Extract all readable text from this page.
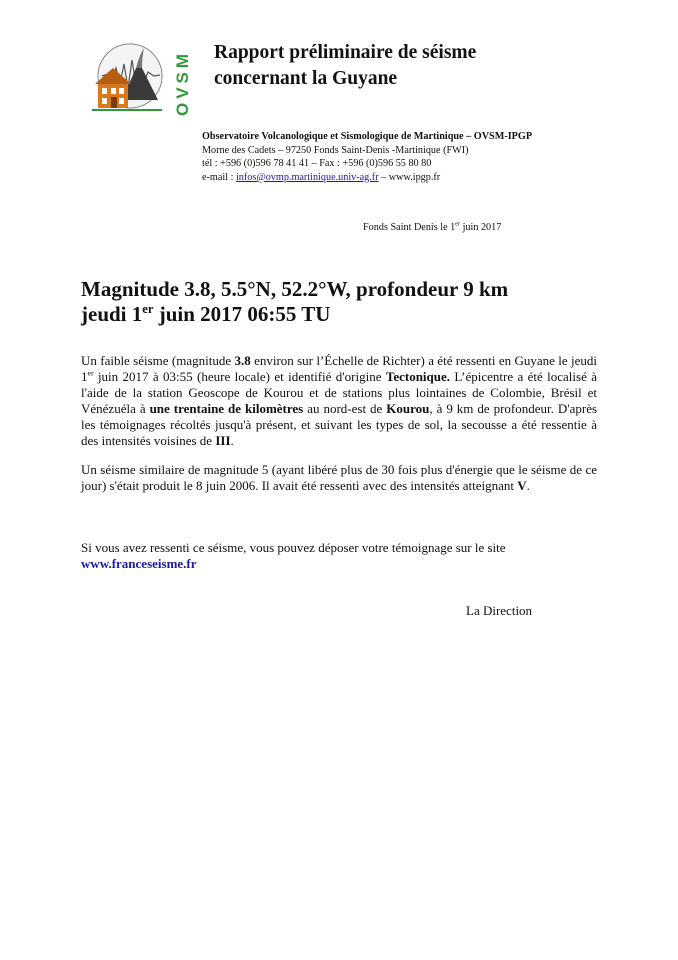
OVSM Rapport préliminaire de séisme
concernant la Guyane
Observatoire Volcanologique et Sismologique de Martinique – OVSM-IPGP
Morne des Cadets – 97250 Fonds Saint-Denis -Martinique (FWI)
tél : +596 (0)596 78 41 41 – Fax : +596 (0)596 55 80 80
e-mail : infos@ovmp.martinique.univ-ag.fr – www.ipgp.fr
Fonds Saint Denis le 1er juin 2017
Magnitude 3.8, 5.5°N, 52.2°W, profondeur 9 km
jeudi 1er juin 2017 06:55 TU
Un faible séisme (magnitude 3.8 environ sur l’Échelle de Richter) a été ressenti en Guyane le jeudi 1er juin 2017 à 03:55 (heure locale) et identifié d'origine Tectonique. L’épicentre a été localisé à l'aide de la station Geoscope de Kourou et de stations plus lointaines de Colombie, Brésil et Vénézuéla à une trentaine de kilomètres au nord-est de Kourou, à 9 km de profondeur. D'après les témoignages récoltés jusqu'à présent, et suivant les types de sol, la secousse a été ressentie à des intensités voisines de III.
Un séisme similaire de magnitude 5 (ayant libéré plus de 30 fois plus d'énergie que le séisme de ce jour) s'était produit le 8 juin 2006. Il avait été ressenti avec des intensités atteignant V.
Si vous avez ressenti ce séisme, vous pouvez déposer votre témoignage sur le site
www.franceseisme.fr
La Direction
